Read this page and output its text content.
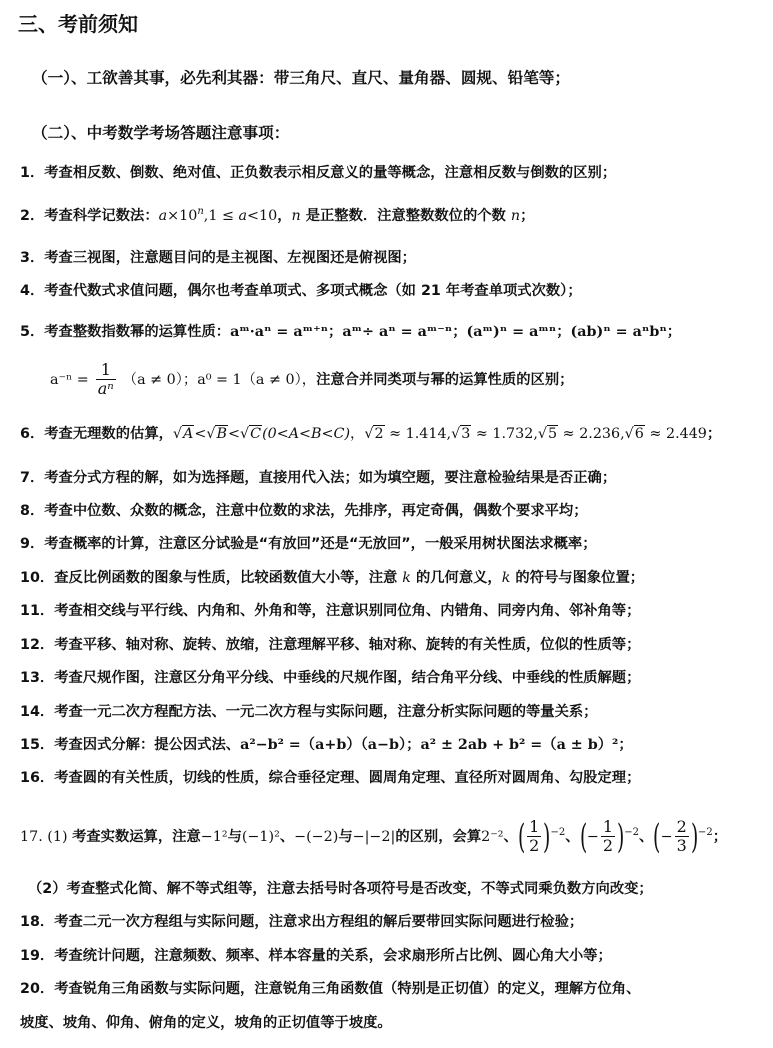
三、考前须知
（一）、工欲善其事，必先利其器：带三角尺、直尺、量角器、圆规、铅笔等；
（二）、中考数学考场答题注意事项：
1．考查相反数、倒数、绝对值、正负数表示相反意义的量等概念，注意相反数与倒数的区别；
2．考查科学记数法：$a\times 10^n,1 \le a<10$，n 是正整数．注意整数数位的个数 n；
3．考查三视图，注意题目问的是主视图、左视图还是俯视图；
4．考查代数式求值问题，偶尔也考查单项式、多项式概念（如 21 年考查单项式次数）；
5．考查整数指数幂的运算性质：aᵐ·aⁿ = aᵐ⁺ⁿ；aᵐ÷ aⁿ = aᵐ⁻ⁿ；(aᵐ)ⁿ = aᵐⁿ；(ab)ⁿ = aⁿbⁿ；
$a^{-n} = \frac{1}{\text{aⁿ}} (a \ne 0)$；a⁰ = 1（a ≠ 0），注意合并同类项与幂的运算性质的区别；
6．考查无理数的估算，√A<√B<√C(0<A<B<C)，√2 ≈ 1.414,√3 ≈ 1.732,√5 ≈ 2.236,√6 ≈ 2.449；
7．考查分式方程的解，如为选择题，直接用代入法；如为填空题，要注意检验结果是否正确；
8．考查中位数、众数的概念，注意中位数的求法，先排序，再定奇偶，偶数个要求平均；
9．考查概率的计算，注意区分试验是“有放回”还是“无放回”，一般采用树状图法求概率；
10．查反比例函数的图象与性质，比较函数值大小等，注意 k 的几何意义，k 的符号与图象位置；
11．考查相交线与平行线、内角和、外角和等，注意识别同位角、内错角、同旁内角、邻补角等；
12．考查平移、轴对称、旋转、放缩，注意理解平移、轴对称、旋转的有关性质，位似的性质等；
13．考查尺规作图，注意区分角平分线、中垂线的尺规作图，结合角平分线、中垂线的性质解题；
14．考查一元二次方程配方法、一元二次方程与实际问题，注意分析实际问题的等量关系；
15．考查因式分解：提公因式法、a²−b² =（a+b）（a−b）；a² ± 2ab + b² =（a ± b）²；
16．考查圆的有关性质，切线的性质，综合垂径定理、圆周角定理、直径所对圆周角、勾股定理；
17. (1) 考查实数运算，注意−1²与(−1)²、−(−2)与−|−2|的区别，会算2⁻²、( $\frac{1}{2} )^{-2}$、(− $\frac{1}{2} )^{-2}$、(− $\frac{2}{3} )^{-2}$；
（2）考查整式化简、解不等式组等，注意去括号时各项符号是否改变，不等式同乘负数方向改变；
18．考查二元一次方程组与实际问题，注意求出方程组的解后要带回实际问题进行检验；
19．考查统计问题，注意频数、频率、样本容量的关系，会求扇形所占比例、圆心角大小等；
20．考查锐角三角函数与实际问题，注意锐角三角函数值（特别是正切值）的定义，理解方位角、
坡度、坡角、仰角、俯角的定义，坡角的正切值等于坡度。
